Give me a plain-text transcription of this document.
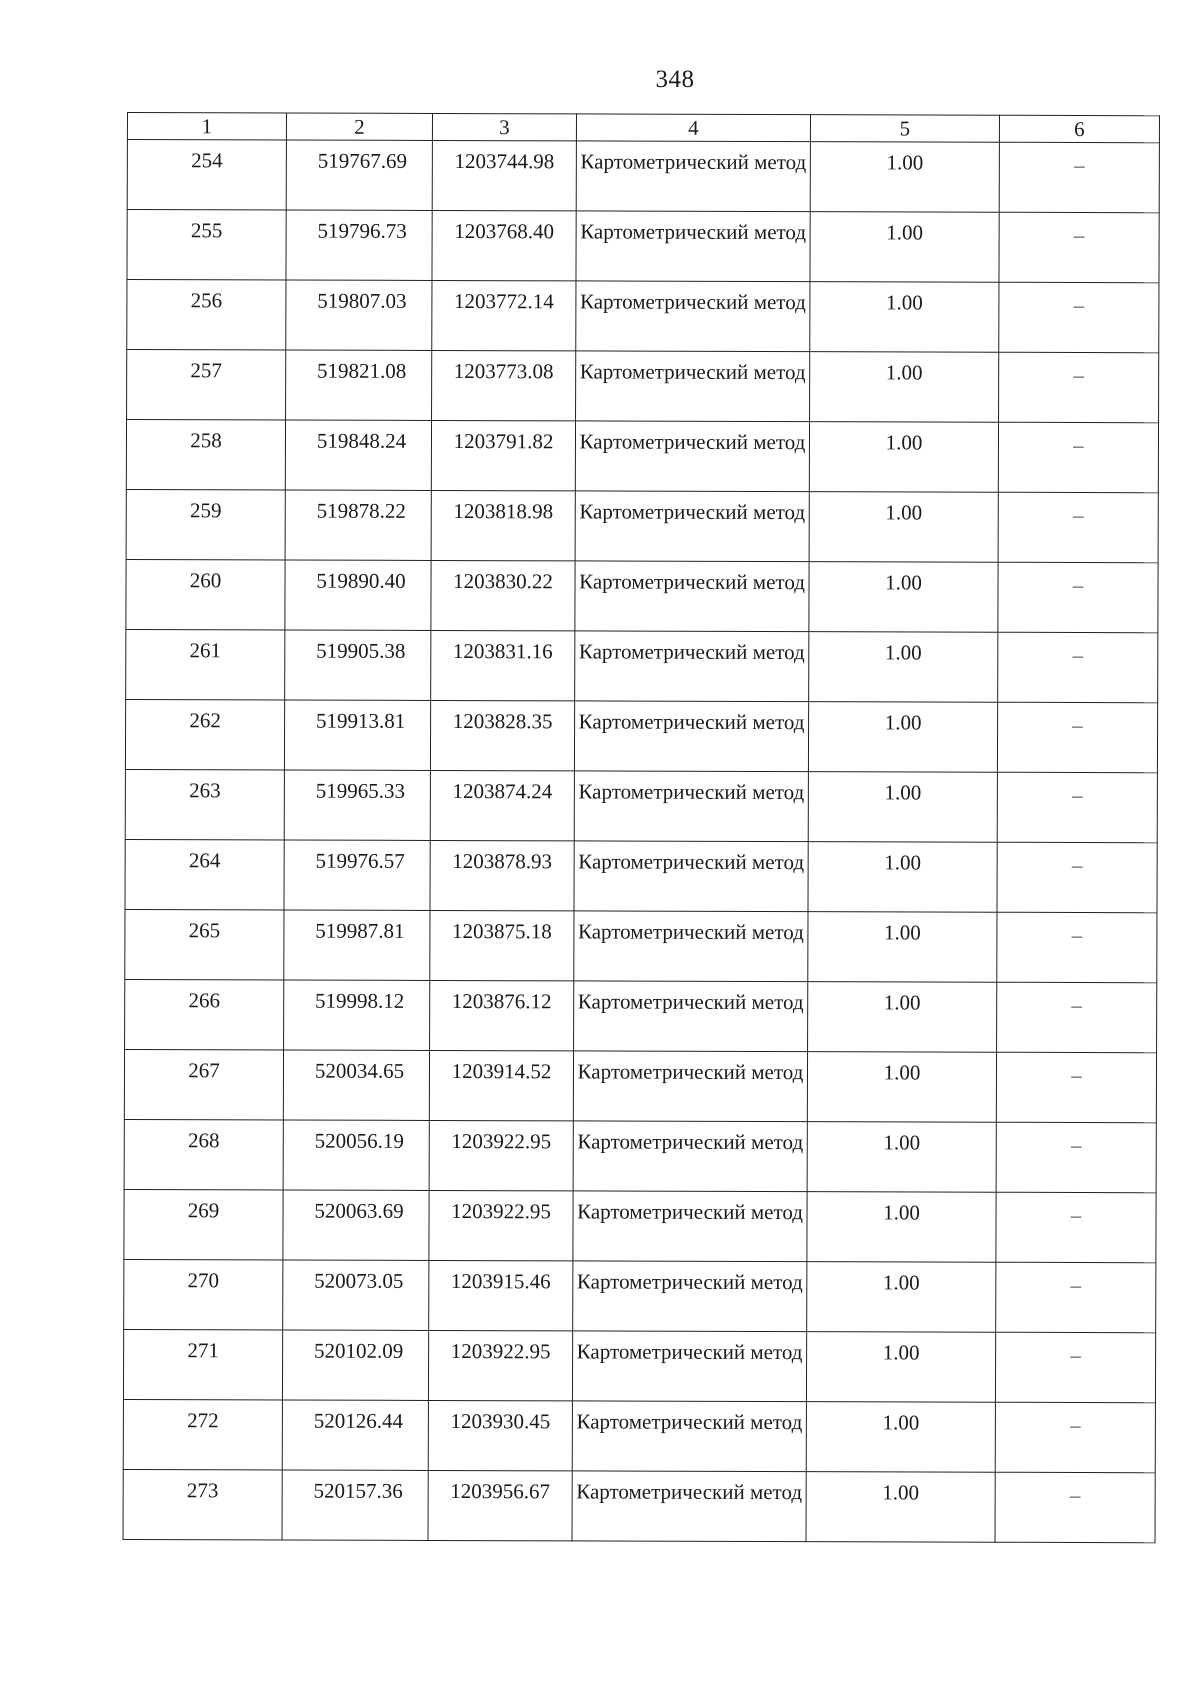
348
1	2	3	4	5	6

254	519767.69	1203744.98	Картометрический метод	1.00	–

255	519796.73	1203768.40	Картометрический метод	1.00	–

256	519807.03	1203772.14	Картометрический метод	1.00	–

257	519821.08	1203773.08	Картометрический метод	1.00	–

258	519848.24	1203791.82	Картометрический метод	1.00	–

259	519878.22	1203818.98	Картометрический метод	1.00	–

260	519890.40	1203830.22	Картометрический метод	1.00	–

261	519905.38	1203831.16	Картометрический метод	1.00	–

262	519913.81	1203828.35	Картометрический метод	1.00	–

263	519965.33	1203874.24	Картометрический метод	1.00	–

264	519976.57	1203878.93	Картометрический метод	1.00	–

265	519987.81	1203875.18	Картометрический метод	1.00	–

266	519998.12	1203876.12	Картометрический метод	1.00	–

267	520034.65	1203914.52	Картометрический метод	1.00	–

268	520056.19	1203922.95	Картометрический метод	1.00	–

269	520063.69	1203922.95	Картометрический метод	1.00	–

270	520073.05	1203915.46	Картометрический метод	1.00	–

271	520102.09	1203922.95	Картометрический метод	1.00	–

272	520126.44	1203930.45	Картометрический метод	1.00	–

273	520157.36	1203956.67	Картометрический метод	1.00	–
